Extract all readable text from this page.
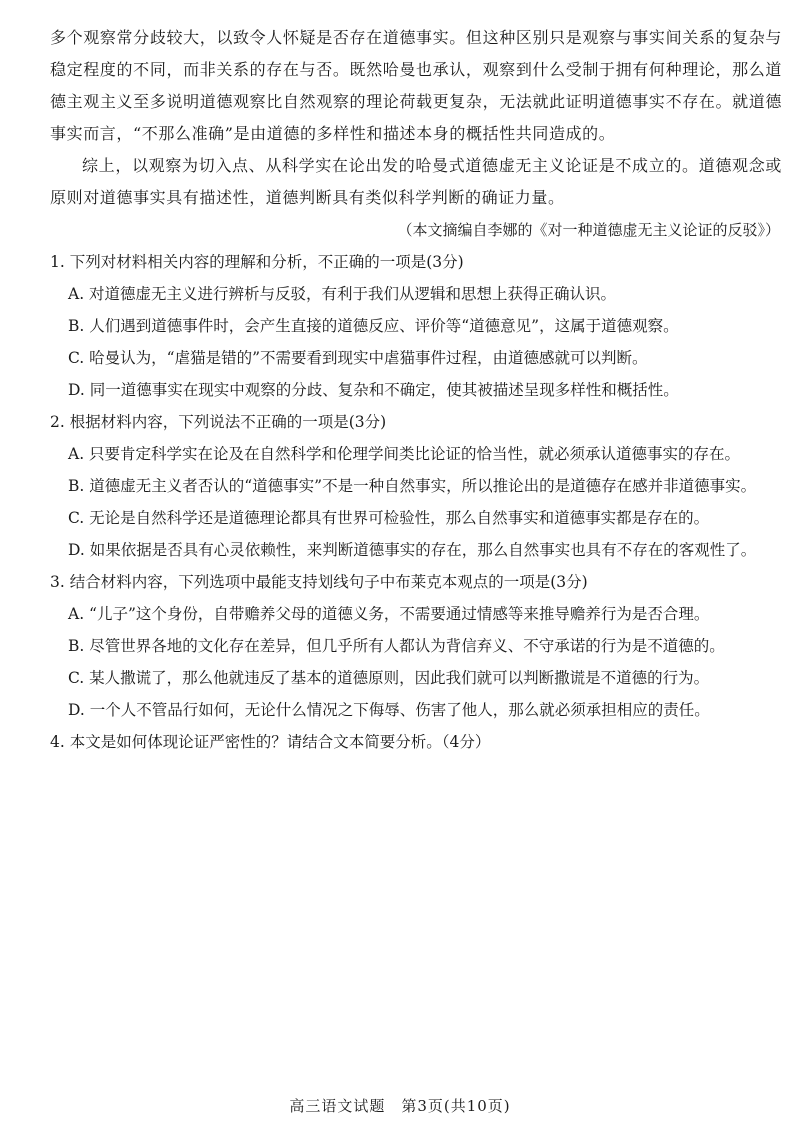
多个观察常分歧较大，以致令人怀疑是否存在道德事实。但这种区别只是观察与事实间关系的复杂与稳定程度的不同，而非关系的存在与否。既然哈曼也承认，观察到什么受制于拥有何种理论，那么道德主观主义至多说明道德观察比自然观察的理论荷载更复杂，无法就此证明道德事实不存在。就道德事实而言，“不那么准确”是由道德的多样性和描述本身的概括性共同造成的。

综上，以观察为切入点、从科学实在论出发的哈曼式道德虚无主义论证是不成立的。道德观念或原则对道德事实具有描述性，道德判断具有类似科学判断的确证力量。

（本文摘编自李娜的《对一种道德虚无主义论证的反驳》）

1. 下列对材料相关内容的理解和分析，不正确的一项是(3分)

A. 对道德虚无主义进行辨析与反驳，有利于我们从逻辑和思想上获得正确认识。

B. 人们遇到道德事件时，会产生直接的道德反应、评价等“道德意见”，这属于道德观察。

C. 哈曼认为，“虐猫是错的”不需要看到现实中虐猫事件过程，由道德感就可以判断。

D. 同一道德事实在现实中观察的分歧、复杂和不确定，使其被描述呈现多样性和概括性。

2. 根据材料内容，下列说法不正确的一项是(3分)

A. 只要肯定科学实在论及在自然科学和伦理学间类比论证的恰当性，就必须承认道德事实的存在。

B. 道德虚无主义者否认的“道德事实”不是一种自然事实，所以推论出的是道德存在感并非道德事实。

C. 无论是自然科学还是道德理论都具有世界可检验性，那么自然事实和道德事实都是存在的。

D. 如果依据是否具有心灵依赖性，来判断道德事实的存在，那么自然事实也具有不存在的客观性了。

3. 结合材料内容，下列选项中最能支持划线句子中布莱克本观点的一项是(3分)

A. “儿子”这个身份，自带赡养父母的道德义务，不需要通过情感等来推导赡养行为是否合理。

B. 尽管世界各地的文化存在差异，但几乎所有人都认为背信弃义、不守承诺的行为是不道德的。

C. 某人撒谎了，那么他就违反了基本的道德原则，因此我们就可以判断撒谎是不道德的行为。

D. 一个人不管品行如何，无论什么情况之下侮辱、伤害了他人，那么就必须承担相应的责任。

4. 本文是如何体现论证严密性的？请结合文本简要分析。（4分）

高三语文试题　第3页(共10页)
